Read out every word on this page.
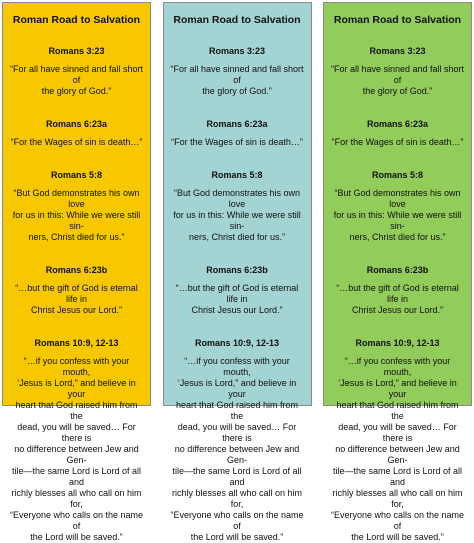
Roman Road to Salvation
Romans 3:23
“For all have sinned and fall short of
the glory of God.”
Romans 6:23a
“For the Wages of sin is death…”
Romans 5:8
“But God demonstrates his own love
for us in this: While we were still sin-
ners, Christ died for us.”
Romans 6:23b
“…but the gift of God is eternal life in
Christ Jesus our Lord.”
Romans 10:9, 12-13
“…if you confess with your mouth,
‘Jesus is Lord,” and believe in your
heart that God raised him from the
dead, you will be saved… For there is
no difference between Jew and Gen-
tile—the same Lord is Lord of all and
richly blesses all who call on him for,
“Everyone who calls on the name of
the Lord will be saved.”
Roman Road to Salvation
Romans 3:23
“For all have sinned and fall short of
the glory of God.”
Romans 6:23a
“For the Wages of sin is death…”
Romans 5:8
“But God demonstrates his own love
for us in this: While we were still sin-
ners, Christ died for us.”
Romans 6:23b
“…but the gift of God is eternal life in
Christ Jesus our Lord.”
Romans 10:9, 12-13
“…if you confess with your mouth,
‘Jesus is Lord,” and believe in your
heart that God raised him from the
dead, you will be saved… For there is
no difference between Jew and Gen-
tile—the same Lord is Lord of all and
richly blesses all who call on him for,
“Everyone who calls on the name of
the Lord will be saved.”
Roman Road to Salvation
Romans 3:23
“For all have sinned and fall short of
the glory of God.”
Romans 6:23a
“For the Wages of sin is death…”
Romans 5:8
“But God demonstrates his own love
for us in this: While we were still sin-
ners, Christ died for us.”
Romans 6:23b
“…but the gift of God is eternal life in
Christ Jesus our Lord.”
Romans 10:9, 12-13
“…if you confess with your mouth,
‘Jesus is Lord,” and believe in your
heart that God raised him from the
dead, you will be saved… For there is
no difference between Jew and Gen-
tile—the same Lord is Lord of all and
richly blesses all who call on him for,
“Everyone who calls on the name of
the Lord will be saved.”
